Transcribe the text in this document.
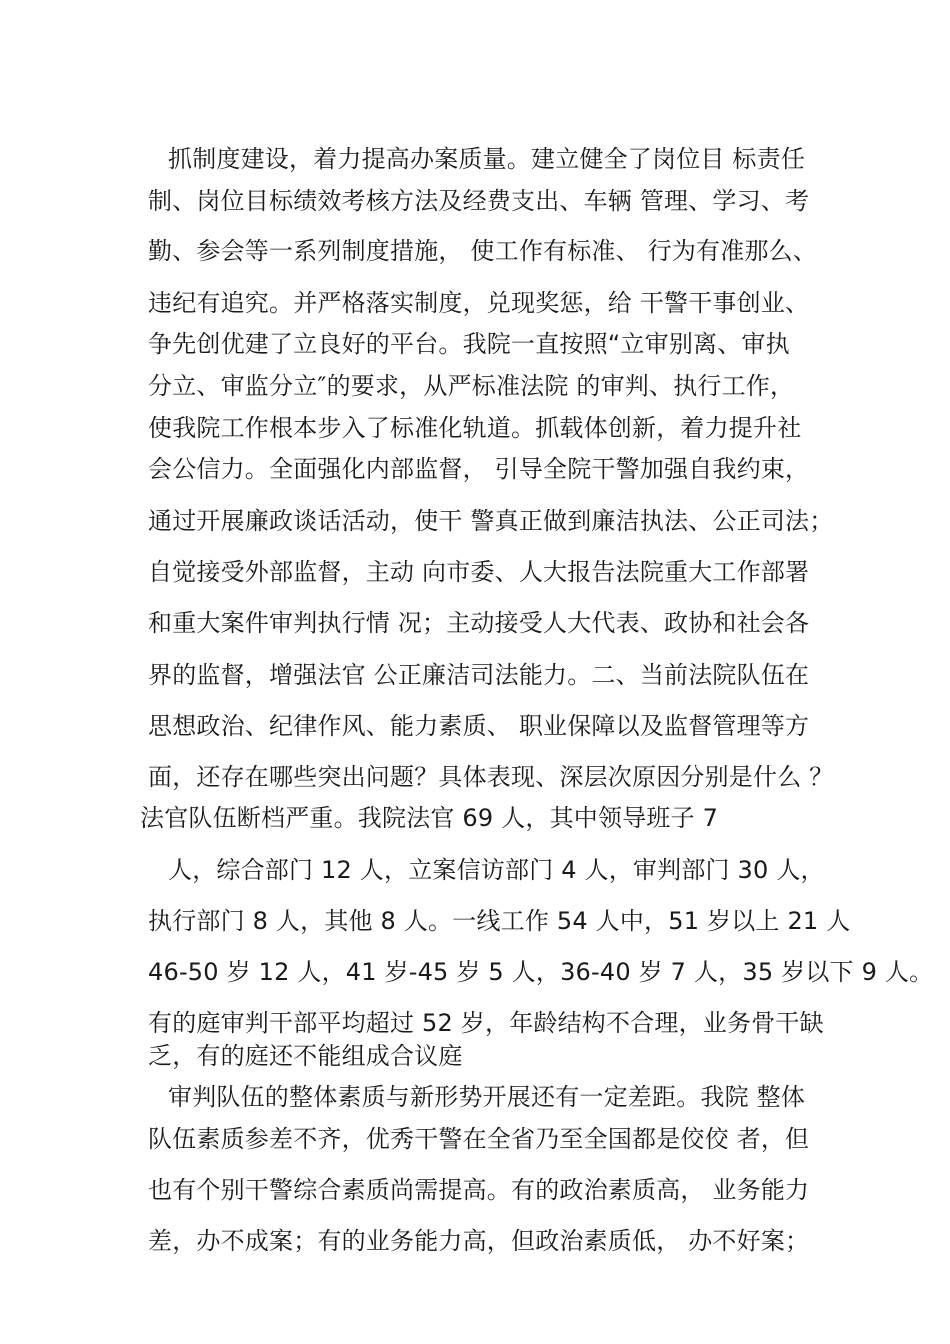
抓制度建设，着力提高办案质量。建立健全了岗位目 标责任
制、岗位目标绩效考核方法及经费支出、车辆 管理、学习、考
勤、参会等一系列制度措施， 使工作有标准、 行为有准那么、
违纪有追究。并严格落实制度，兑现奖惩，给 干警干事创业、
争先创优建了立良好的平台。我院一直按照“立审别离、审执
分立、审监分立″的要求，从严标准法院 的审判、执行工作，
使我院工作根本步入了标准化轨道。抓载体创新，着力提升社
会公信力。全面强化内部监督， 引导全院干警加强自我约束，
通过开展廉政谈话活动，使干 警真正做到廉洁执法、公正司法；
自觉接受外部监督，主动 向市委、人大报告法院重大工作部署
和重大案件审判执行情 况；主动接受人大代表、政协和社会各
界的监督，增强法官 公正廉洁司法能力。二、当前法院队伍在
思想政治、纪律作风、能力素质、 职业保障以及监督管理等方
面，还存在哪些突出问题？具体表现、深层次原因分别是什么 ？
法官队伍断档严重。我院法官 69 人，其中领导班子 7
人，综合部门 12 人，立案信访部门 4 人，审判部门 30 人，
执行部门 8 人，其他 8 人。一线工作 54 人中，51 岁以上 21 人
46-50 岁 12 人，41 岁-45 岁 5 人，36-40 岁 7 人，35 岁以下 9 人。
有的庭审判干部平均超过 52 岁，年龄结构不合理，业务骨干缺
乏，有的庭还不能组成合议庭
审判队伍的整体素质与新形势开展还有一定差距。我院 整体
队伍素质参差不齐，优秀干警在全省乃至全国都是佼佼 者，但
也有个别干警综合素质尚需提高。有的政治素质高， 业务能力
差，办不成案；有的业务能力高，但政治素质低， 办不好案；
